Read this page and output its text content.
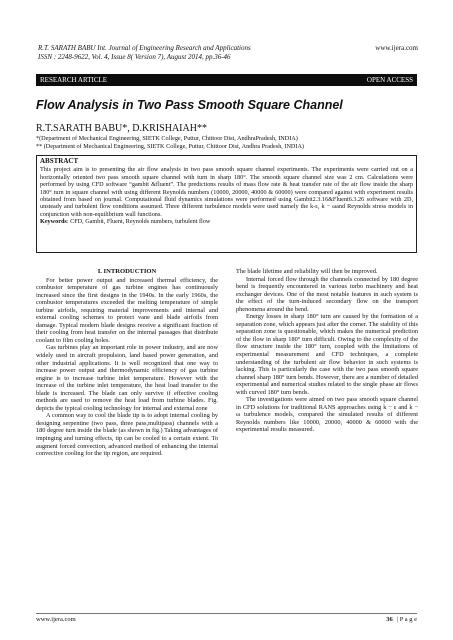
R.T. SARATH BABU Int. Journal of Engineering Research and Applications	www.ijera.com
ISSN : 2248-9622, Vol. 4, Issue 8( Version 7), August 2014, pp.36-46
RESEARCH ARTICLE	OPEN ACCESS
Flow Analysis in Two Pass Smooth Square Channel
R.T.SARATH BABU*, D.KRISHAIAH**
*(Department of Mechanical Engineering, SIETK College, Puttur, Chittoor Dist, AndhraPradesh, INDIA)
** (Department of Mechanical Engineering, SIETK College, Puttur, Chittoor Dist, Andhra Pradesh, INDIA)
ABSTRACT
This project aim is to presenting the air flow analysis in two pass smooth square channel experiments. The experiments were carried out on a horizontally oriented two pass smooth square channel with turn in sharp 180°. The smooth square channel size was 2 cm. Calculations were performed by using CFD software “gambit &fluent”. The predictions results of mass flow rate & heat transfer rate of the air flow inside the sharp 180° turn in square channel with using different Reynolds numbers (10000, 20000, 40000 & 60000) were compared against with experiment results obtained from based on journal. Computational fluid dynamics simulations were performed using Gambit2.3.16&Fluent6.3.26 software with 2D, unsteady and turbulent flow conditions assumed. Three different turbulence models were used namely the k-ε, k − ωand Reynolds stress models in conjunction with non-equilibrium wall functions.
Keywords: CFD, Gambit, Fluent, Reynolds numbers, turbulent flow
I. INTRODUCTION

For better power output and increased thermal efficiency, the combustor temperature of gas turbine engines has continuously increased since the first designs in the 1940s. In the early 1960s, the combustor temperatures exceeded the melting temperature of simple turbine airfoils, requiring material improvements and internal and external cooling schemes to protect vane and blade airfoils from damage. Typical modern blade designs receive a significant fraction of their cooling from heat transfer on the internal passages that distribute coolant to film cooling holes.

Gas turbines play an important role in power industry, and are now widely used in aircraft propulsion, land based power generation, and other industrial applications. It is well recognized that one way to increase power output and thermodynamic efficiency of gas turbine engine is to increase turbine inlet temperature. However with the increase of the turbine inlet temperature, the heat load transfer to the blade is increased. The blade can only survive if effective cooling methods are used to remove the heat load from turbine blades. Fig. depicts the typical cooling technology for internal and external zone

A common way to cool the blade tip is to adopt internal cooling by designing serpentine (two pass, three pass,multipass) channels with a 180 degree turn inside the blade (as shown in fig.) Taking advantages of impinging and turning effects, tip can be cooled to a certain extent. To augment forced convection, advanced method of enhancing the internal convective cooling for the tip region, are required.

The blade lifetime and reliability will then be improved.

Internal forced flow through the channels connected by 180 degree bend is frequently encountered in various turbo machinery and heat exchanger devices. One of the most notable features in such system is the effect of the turn-induced secondary flow on the transport phenomena around the bend.

Energy losses in sharp 180° turn are caused by the formation of a separation zone, which appears just after the corner. The stability of this separation zone is questionable, which makes the numerical prediction of the flow in sharp 180° turn difficult. Owing to the complexity of the flow structure inside the 180° turn, coupled with the limitations of experimental measurement and CFD techniques, a complete understanding of the turbulent air flow behavior in such systems is lacking. This is particularly the case with the two pass smooth square channel sharp 180° turn bends. However, there are a number of detailed experimental and numerical studies related to the single phase air flows with curved 180° turn bends.

The investigations were aimed on two pass smooth square channel in CFD solutions for traditional RANS approaches using k − ε and k − ω turbulence models, compared the simulated results of different Reynolds numbers like 10000, 20000, 40000 & 60000 with the experimental results measured.

www.ijera.com	36 | P a g e
